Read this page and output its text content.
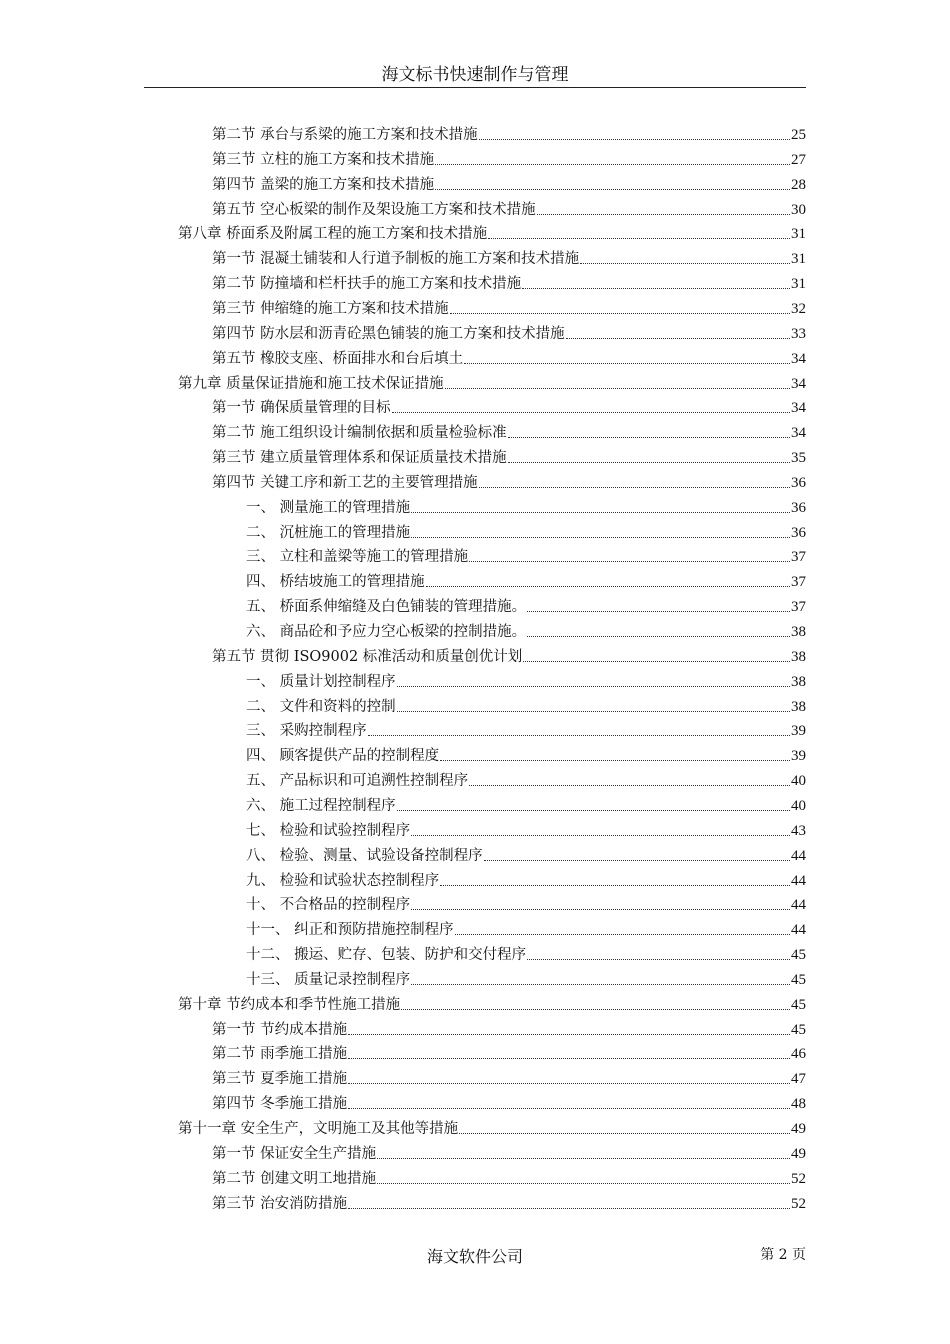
海文标书快速制作与管理
第二节 承台与系梁的施工方案和技术措施	25
第三节 立柱的施工方案和技术措施	27
第四节 盖梁的施工方案和技术措施	28
第五节 空心板梁的制作及架设施工方案和技术措施	30
第八章 桥面系及附属工程的施工方案和技术措施	31
第一节 混凝土铺装和人行道予制板的施工方案和技术措施	31
第二节 防撞墙和栏杆扶手的施工方案和技术措施	31
第三节 伸缩缝的施工方案和技术措施	32
第四节 防水层和沥青砼黑色铺装的施工方案和技术措施	33
第五节 橡胶支座、桥面排水和台后填土	34
第九章 质量保证措施和施工技术保证措施	34
第一节 确保质量管理的目标	34
第二节 施工组织设计编制依据和质量检验标准	34
第三节 建立质量管理体系和保证质量技术措施	35
第四节 关键工序和新工艺的主要管理措施	36
一、 测量施工的管理措施	36
二、 沉桩施工的管理措施	36
三、 立柱和盖梁等施工的管理措施	37
四、 桥结坡施工的管理措施	37
五、 桥面系伸缩缝及白色铺装的管理措施。	37
六、 商品砼和予应力空心板梁的控制措施。	38
第五节 贯彻 ISO9002 标准活动和质量创优计划	38
一、 质量计划控制程序	38
二、 文件和资料的控制	38
三、 采购控制程序	39
四、 顾客提供产品的控制程度	39
五、 产品标识和可追溯性控制程序	40
六、 施工过程控制程序	40
七、 检验和试验控制程序	43
八、 检验、测量、试验设备控制程序	44
九、 检验和试验状态控制程序	44
十、 不合格品的控制程序	44
十一、 纠正和预防措施控制程序	44
十二、 搬运、贮存、包装、防护和交付程序	45
十三、 质量记录控制程序	45
第十章 节约成本和季节性施工措施	45
第一节 节约成本措施	45
第二节 雨季施工措施	46
第三节 夏季施工措施	47
第四节 冬季施工措施	48
第十一章 安全生产，文明施工及其他等措施	49
第一节 保证安全生产措施	49
第二节 创建文明工地措施	52
第三节 治安消防措施	52
海文软件公司	第 2 页
